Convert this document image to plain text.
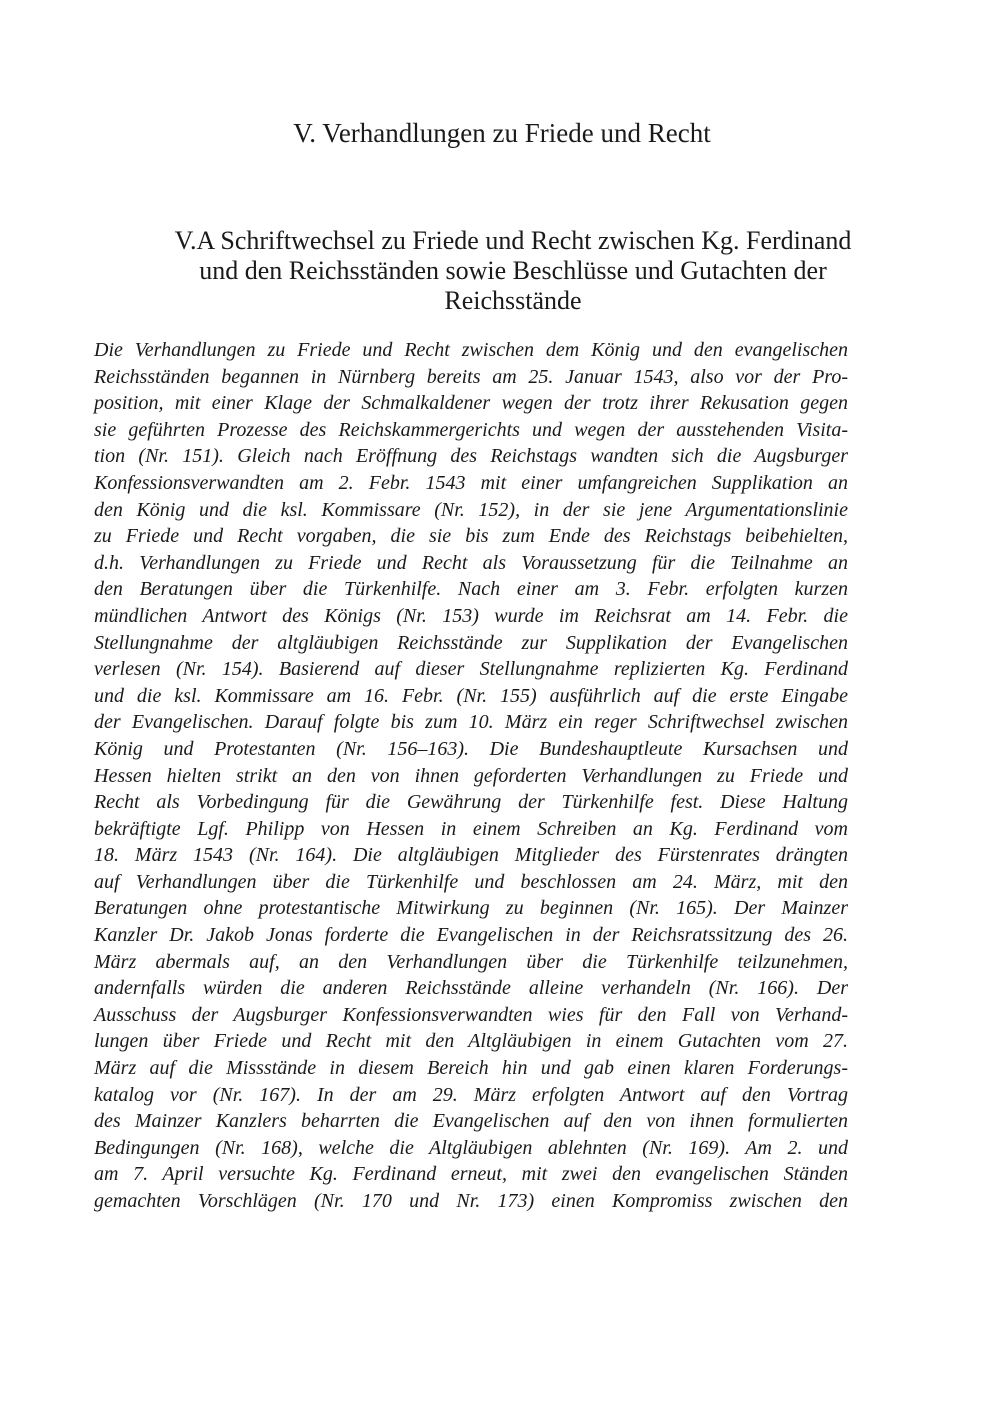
V. Verhandlungen zu Friede und Recht
V.A Schriftwechsel zu Friede und Recht zwischen Kg. Ferdinand
und den Reichsständen sowie Beschlüsse und Gutachten der
Reichsstände
Die Verhandlungen zu Friede und Recht zwischen dem König und den evangelischen
Reichsständen begannen in Nürnberg bereits am 25. Januar 1543, also vor der Pro-
position, mit einer Klage der Schmalkaldener wegen der trotz ihrer Rekusation gegen
sie geführten Prozesse des Reichskammergerichts und wegen der ausstehenden Visita-
tion (Nr. 151). Gleich nach Eröffnung des Reichstags wandten sich die Augsburger
Konfessionsverwandten am 2. Febr. 1543 mit einer umfangreichen Supplikation an
den König und die ksl. Kommissare (Nr. 152), in der sie jene Argumentationslinie
zu Friede und Recht vorgaben, die sie bis zum Ende des Reichstags beibehielten,
d.h. Verhandlungen zu Friede und Recht als Voraussetzung für die Teilnahme an
den Beratungen über die Türkenhilfe. Nach einer am 3. Febr. erfolgten kurzen
mündlichen Antwort des Königs (Nr. 153) wurde im Reichsrat am 14. Febr. die
Stellungnahme der altgläubigen Reichsstände zur Supplikation der Evangelischen
verlesen (Nr. 154). Basierend auf dieser Stellungnahme replizierten Kg. Ferdinand
und die ksl. Kommissare am 16. Febr. (Nr. 155) ausführlich auf die erste Eingabe
der Evangelischen. Darauf folgte bis zum 10. März ein reger Schriftwechsel zwischen
König und Protestanten (Nr. 156–163). Die Bundeshauptleute Kursachsen und
Hessen hielten strikt an den von ihnen geforderten Verhandlungen zu Friede und
Recht als Vorbedingung für die Gewährung der Türkenhilfe fest. Diese Haltung
bekräftigte Lgf. Philipp von Hessen in einem Schreiben an Kg. Ferdinand vom
18. März 1543 (Nr. 164). Die altgläubigen Mitglieder des Fürstenrates drängten
auf Verhandlungen über die Türkenhilfe und beschlossen am 24. März, mit den
Beratungen ohne protestantische Mitwirkung zu beginnen (Nr. 165). Der Mainzer
Kanzler Dr. Jakob Jonas forderte die Evangelischen in der Reichsratssitzung des 26.
März abermals auf, an den Verhandlungen über die Türkenhilfe teilzunehmen,
andernfalls würden die anderen Reichsstände alleine verhandeln (Nr. 166). Der
Ausschuss der Augsburger Konfessionsverwandten wies für den Fall von Verhand-
lungen über Friede und Recht mit den Altgläubigen in einem Gutachten vom 27.
März auf die Missstände in diesem Bereich hin und gab einen klaren Forderungs-
katalog vor (Nr. 167). In der am 29. März erfolgten Antwort auf den Vortrag
des Mainzer Kanzlers beharrten die Evangelischen auf den von ihnen formulierten
Bedingungen (Nr. 168), welche die Altgläubigen ablehnten (Nr. 169). Am 2. und
am 7. April versuchte Kg. Ferdinand erneut, mit zwei den evangelischen Ständen
gemachten Vorschlägen (Nr. 170 und Nr. 173) einen Kompromiss zwischen den
